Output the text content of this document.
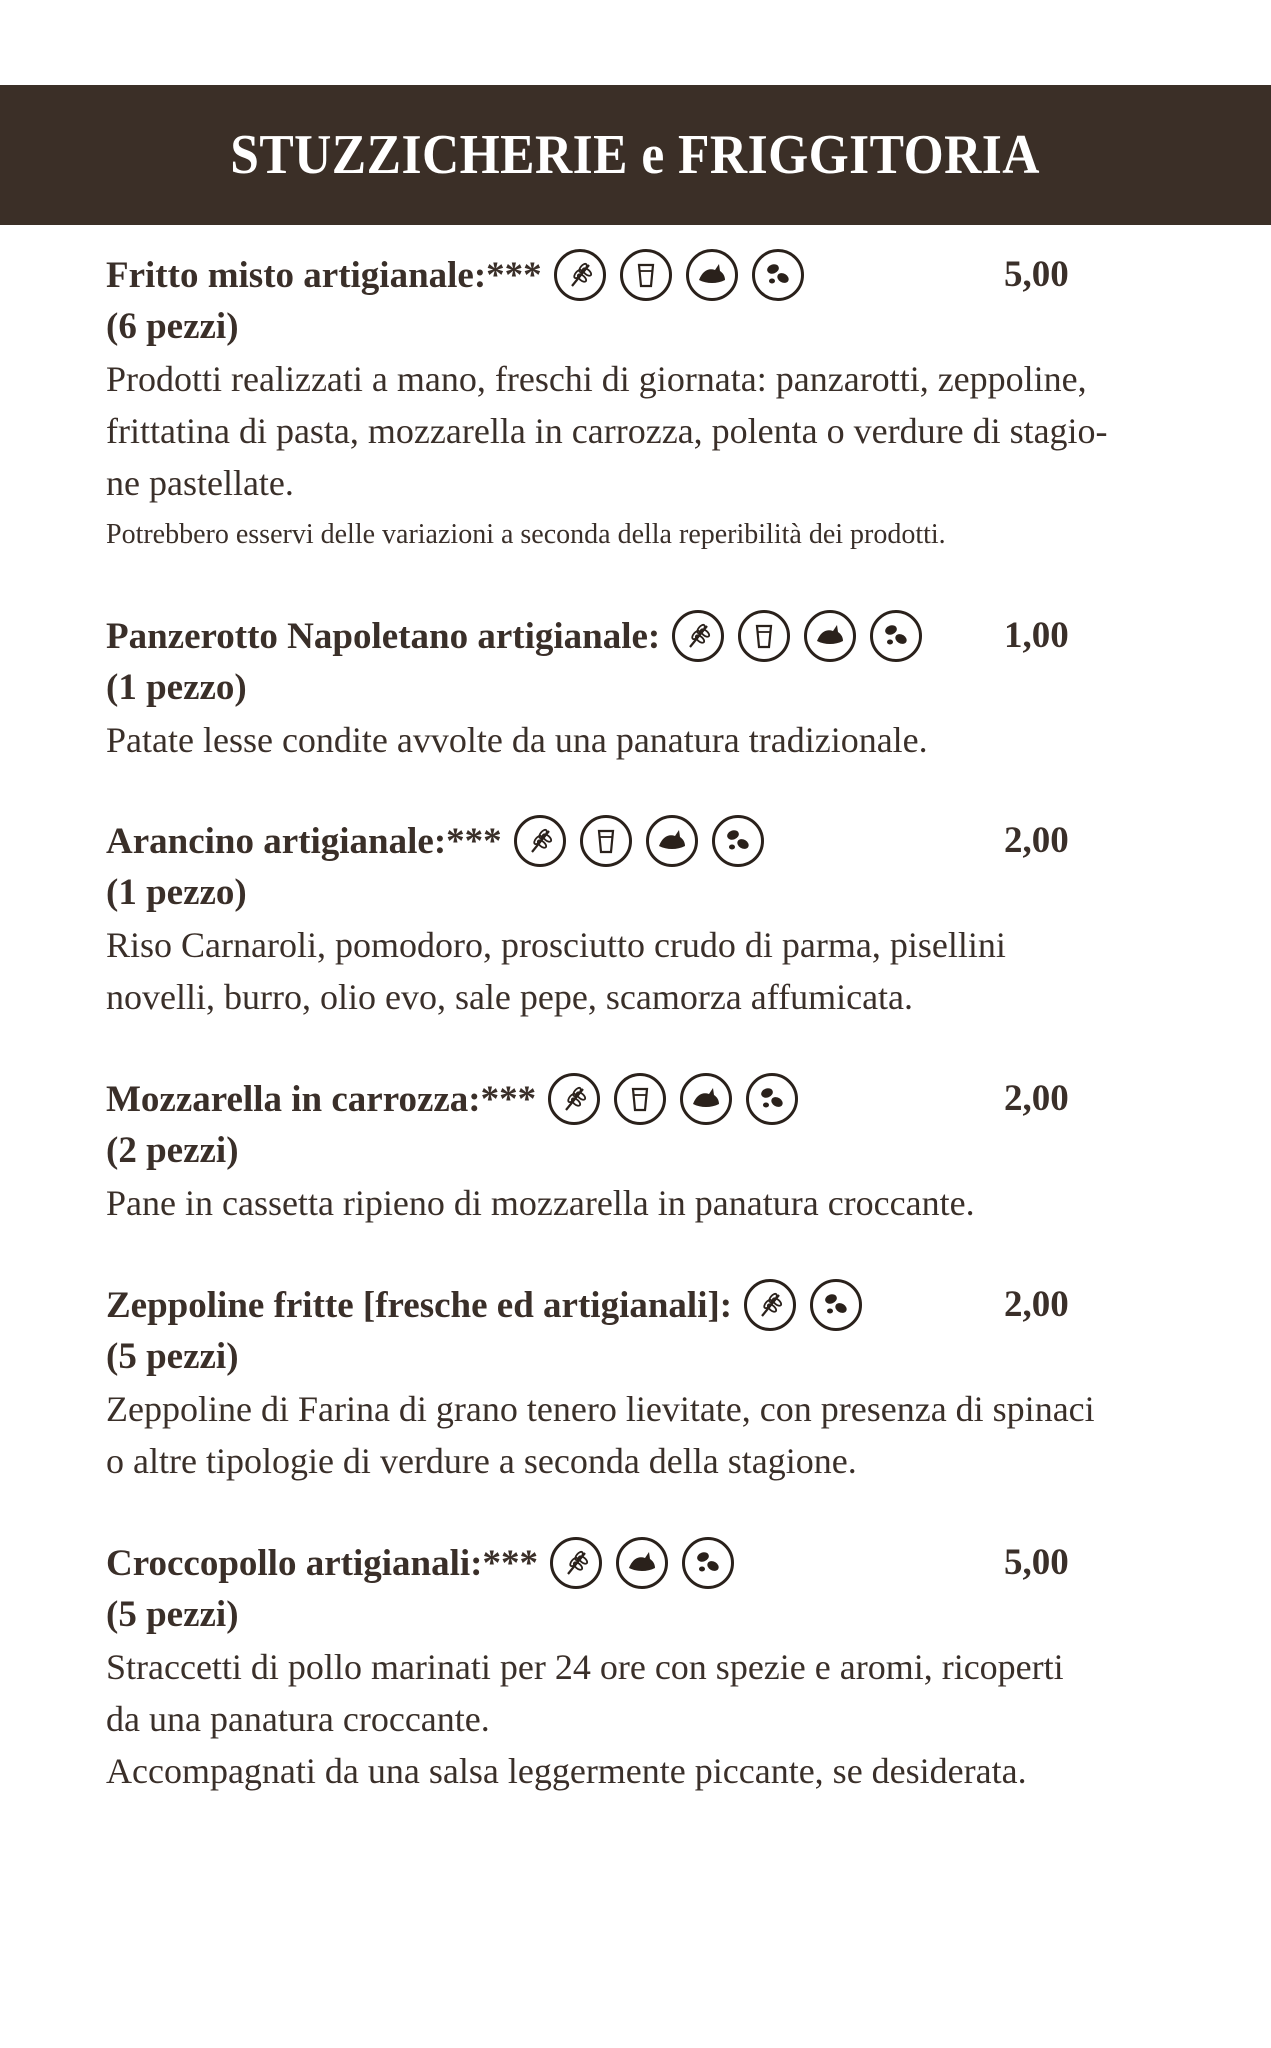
STUZZICHERIE e FRIGGITORIA
Fritto misto artigianale:***	5,00
(6 pezzi)
Prodotti realizzati a mano, freschi di giornata: panzarotti, zeppoline,
frittatina di pasta, mozzarella in carrozza, polenta o verdure di stagio-
ne pastellate.
Potrebbero esservi delle variazioni a seconda della reperibilità dei prodotti.
Panzerotto Napoletano artigianale:	1,00
(1 pezzo)
Patate lesse condite avvolte da una panatura tradizionale.
Arancino artigianale:***	2,00
(1 pezzo)
Riso Carnaroli, pomodoro, prosciutto crudo di parma, pisellini
novelli, burro, olio evo, sale pepe, scamorza affumicata.
Mozzarella in carrozza:***	2,00
(2 pezzi)
Pane in cassetta ripieno di mozzarella in panatura croccante.
Zeppoline fritte [fresche ed artigianali]:	2,00
(5 pezzi)
Zeppoline di Farina di grano tenero lievitate, con presenza di spinaci
o altre tipologie di verdure a seconda della stagione.
Croccopollo artigianali:***	5,00
(5 pezzi)
Straccetti di pollo marinati per 24 ore con spezie e aromi, ricoperti
da una panatura croccante.
Accompagnati da una salsa leggermente piccante, se desiderata.
